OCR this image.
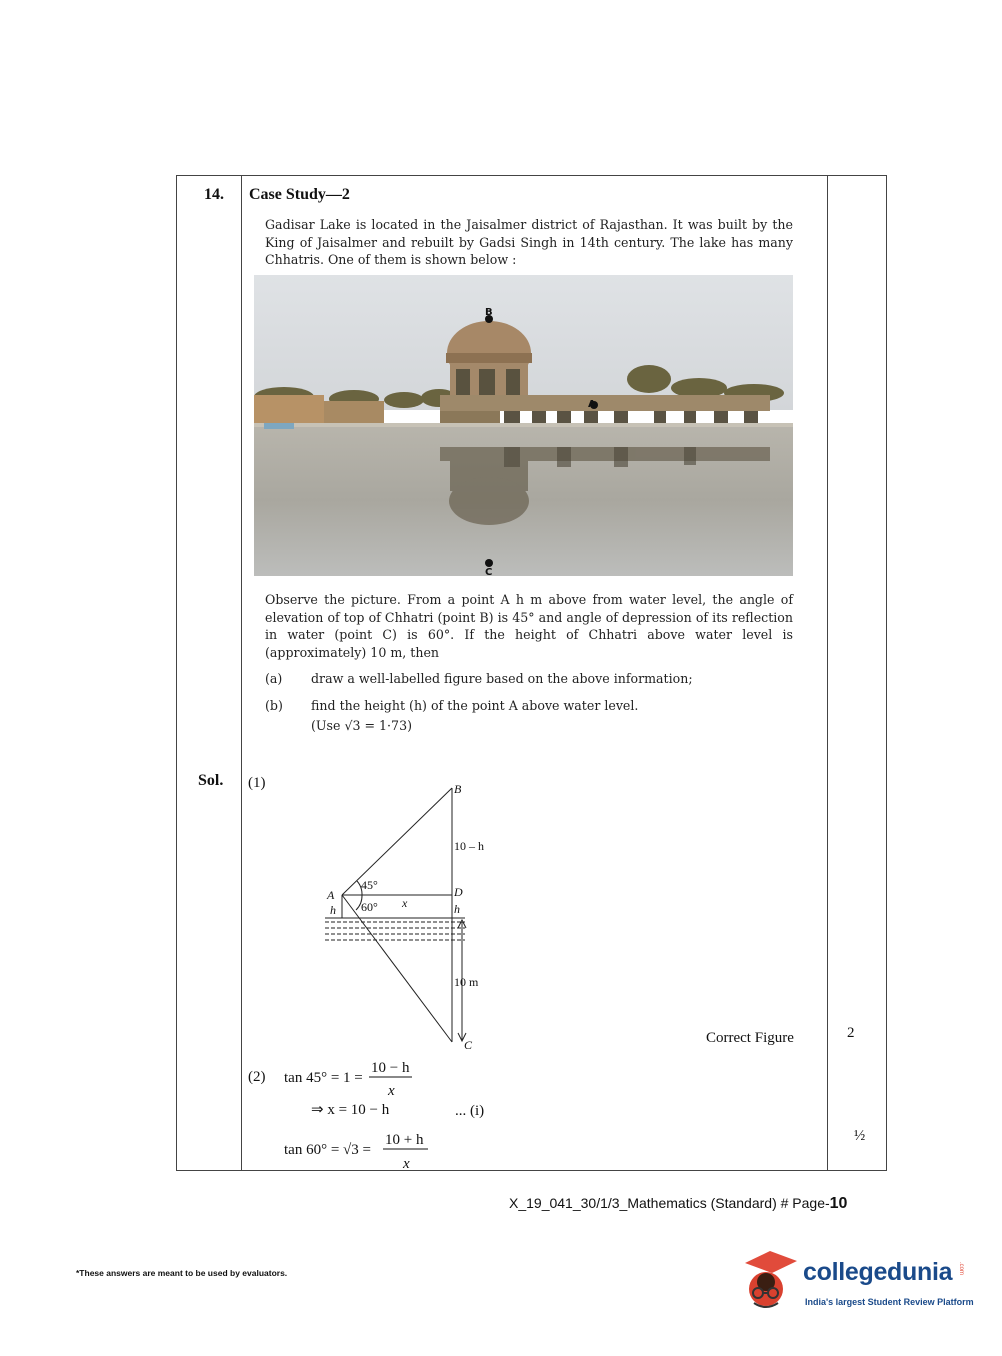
14. Case Study—2
Gadisar Lake is located in the Jaisalmer district of Rajasthan. It was built by the King of Jaisalmer and rebuilt by Gadsi Singh in 14th century. The lake has many Chhatris. One of them is shown below :
B
A
C
Observe the picture. From a point A h m above from water level, the angle of elevation of top of Chhatri (point B) is 45° and angle of depression of its reflection in water (point C) is 60°. If the height of Chhatri above water level is (approximately) 10 m, then
(a) draw a well-labelled figure based on the above information;
(b) find the height (h) of the point A above water level.
(Use √3 = 1·73)
Sol. (1)	B
10 – h
A
45°
60° x
h
D
h
10 m
C	Correct Figure	2
(2) tan 45° = 1 =
10 − h
x
⇒ x = 10 − h	... (i)
tan 60° = √3 =
10 + h
x
½
X_19_041_30/1/3_Mathematics (Standard) # Page-10
*These answers are meant to be used by evaluators.	collegedunia .com
India's largest Student Review Platform
